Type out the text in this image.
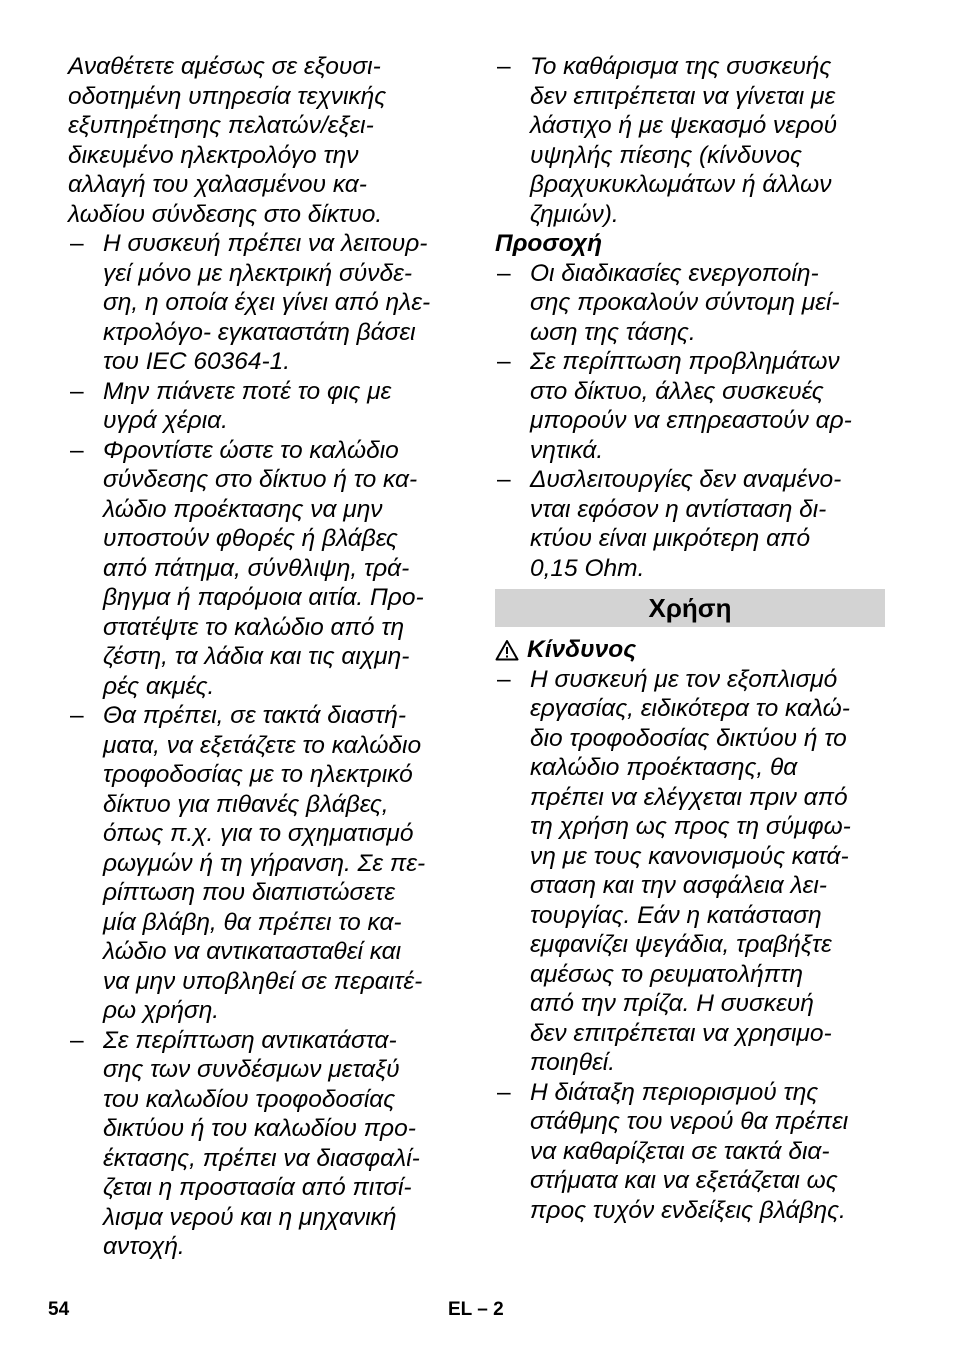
Αναθέτετε αμέσως σε εξουσι-
οδοτημένη υπηρεσία τεχνικής
εξυπηρέτησης πελατών/εξει-
δικευμένο ηλεκτρολόγο την
αλλαγή του χαλασμένου κα-
λωδίου σύνδεσης στο δίκτυο.
– Η συσκευή πρέπει να λειτουρ-
γεί μόνο με ηλεκτρική σύνδε-
ση, η οποία έχει γίνει από ηλε-
κτρολόγο- εγκαταστάτη βάσει
του IEC 60364-1.
– Μην πιάνετε ποτέ το φις με
υγρά χέρια.
– Φροντίστε ώστε το καλώδιο
σύνδεσης στο δίκτυο ή το κα-
λώδιο προέκτασης να μην
υποστούν φθορές ή βλάβες
από πάτημα, σύνθλιψη, τρά-
βηγμα ή παρόμοια αιτία. Προ-
στατέψτε το καλώδιο από τη
ζέστη, τα λάδια και τις αιχμη-
ρές ακμές.
– Θα πρέπει, σε τακτά διαστή-
ματα, να εξετάζετε το καλώδιο
τροφοδοσίας με το ηλεκτρικό
δίκτυο για πιθανές βλάβες,
όπως π.χ. για το σχηματισμό
ρωγμών ή τη γήρανση. Σε πε-
ρίπτωση που διαπιστώσετε
μία βλάβη, θα πρέπει το κα-
λώδιο να αντικατασταθεί και
να μην υποβληθεί σε περαιτέ-
ρω χρήση.
– Σε περίπτωση αντικατάστα-
σης των συνδέσμων μεταξύ
του καλωδίου τροφοδοσίας
δικτύου ή του καλωδίου προ-
έκτασης, πρέπει να διασφαλί-
ζεται η προστασία από πιτσί-
λισμα νερού και η μηχανική
αντοχή.
– Το καθάρισμα της συσκευής
δεν επιτρέπεται να γίνεται με
λάστιχο ή με ψεκασμό νερού
υψηλής πίεσης (κίνδυνος
βραχυκυκλωμάτων ή άλλων
ζημιών).
Προσοχή
– Οι διαδικασίες ενεργοποίη-
σης προκαλούν σύντομη μεί-
ωση της τάσης.
– Σε περίπτωση προβλημάτων
στο δίκτυο, άλλες συσκευές
μπορούν να επηρεαστούν αρ-
νητικά.
– Δυσλειτουργίες δεν αναμένο-
νται εφόσον η αντίσταση δι-
κτύου είναι μικρότερη από
0,15 Ohm.
Χρήση
Κίνδυνος
– Η συσκευή με τον εξοπλισμό
εργασίας, ειδικότερα το καλώ-
διο τροφοδοσίας δικτύου ή το
καλώδιο προέκτασης, θα
πρέπει να ελέγχεται πριν από
τη χρήση ως προς τη σύμφω-
νη με τους κανονισμούς κατά-
σταση και την ασφάλεια λει-
τουργίας. Εάν η κατάσταση
εμφανίζει ψεγάδια, τραβήξτε
αμέσως το ρευματολήπτη
από την πρίζα. Η συσκευή
δεν επιτρέπεται να χρησιμο-
ποιηθεί.
– Η διάταξη περιορισμού της
στάθμης του νερού θα πρέπει
να καθαρίζεται σε τακτά δια-
στήματα και να εξετάζεται ως
προς τυχόν ενδείξεις βλάβης.
54	EL – 2
